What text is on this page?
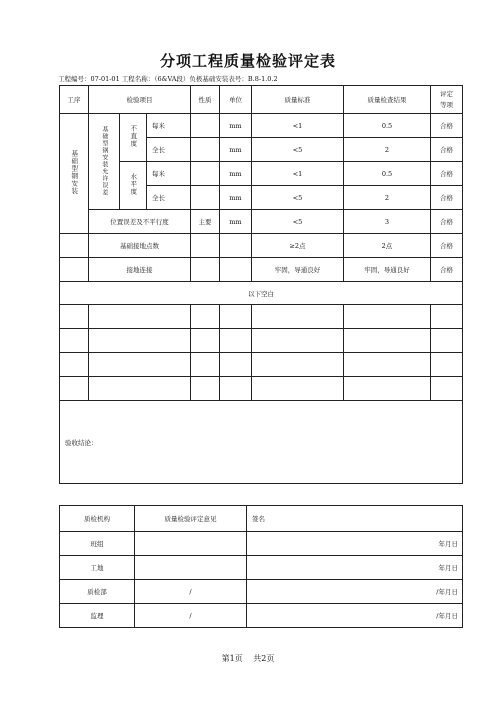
分项工程质量检验评定表
工程编号：07-01-01 工程名称：（6&VA段）负极基础安装表号：B.8-1.0.2
工序	检验项目			性质	单位	质量标准	质量检查结果	评定
等项
基础型钢安装	基础型钢安装允许误差	不直度	每米		mm	<1	0.5	合格
			全长		mm	<5	2	合格
		水平度	每米		mm	<1	0.5	合格
			全长		mm	<5	2	合格
	位置误差及不平行度			主要	mm	<5	3	合格
	基础接地点数					≥2点	2点	合格
	接地连接					牢固，导通良好	牢固，导通良好	合格
以下空白								

验收结论：								
质检机构	质量检验评定意见	签名
班组		年月日
工地		年月日
质检部	/	/年月日
监理	/	/年月日
第1页 共2页
